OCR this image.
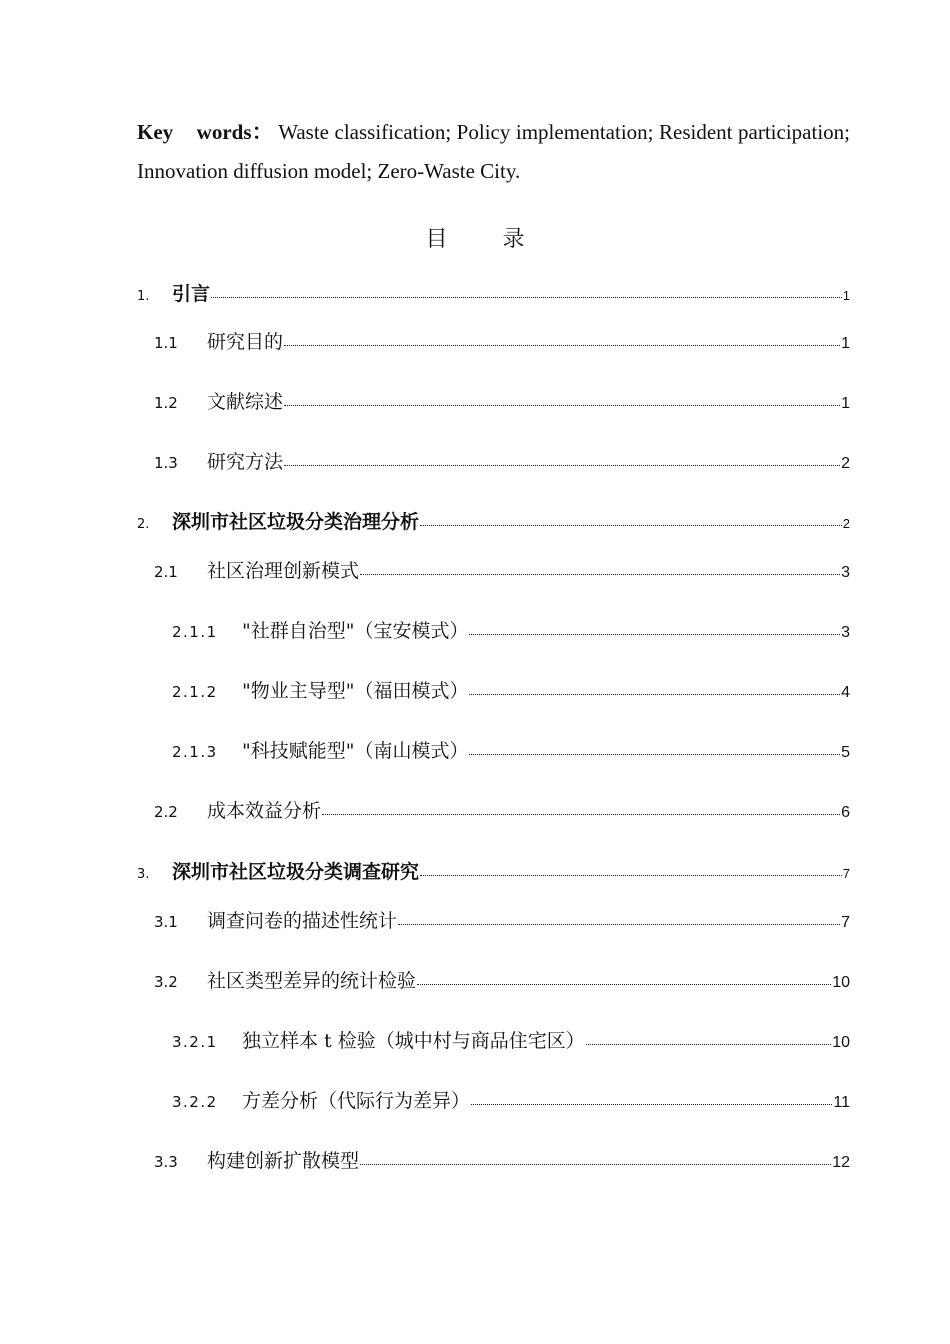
Key words： Waste classification; Policy implementation; Resident participation; Innovation diffusion model; Zero-Waste City.
目 录
1.	引言	1
1.1	研究目的	1
1.2	文献综述	1
1.3	研究方法	2
2.	深圳市社区垃圾分类治理分析	2
2.1	社区治理创新模式	3
2.1.1	"社群自治型"（宝安模式）	3
2.1.2	"物业主导型"（福田模式）	4
2.1.3	"科技赋能型"（南山模式）	5
2.2	成本效益分析	6
3.	深圳市社区垃圾分类调查研究	7
3.1	调查问卷的描述性统计	7
3.2	社区类型差异的统计检验	10
3.2.1	独立样本 t 检验（城中村与商品住宅区）	10
3.2.2	方差分析（代际行为差异）	11
3.3	构建创新扩散模型	12
